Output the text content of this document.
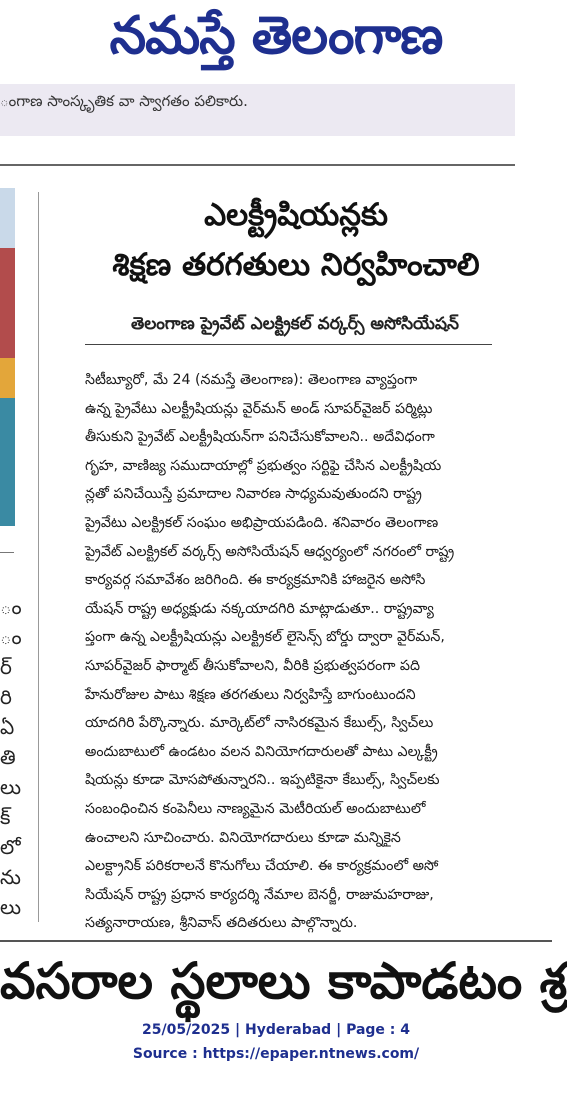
నమస్తే తెలంగాణ
ంగాణ సాంస్కృతిక వా స్వాగతం పలికారు.
ం
ం
ర్
రి
ఏ
తి
లు
క్
లో
ను
లు
ఎలక్ట్రీషియన్లకు
శిక్షణ తరగతులు నిర్వహించాలి
తెలంగాణ ప్రైవేట్ ఎలక్ట్రికల్ వర్కర్స్ అసోసియేషన్
సిటీబ్యూరో, మే 24 (నమస్తే తెలంగాణ): తెలంగాణ వ్యాప్తంగా
ఉన్న ప్రైవేటు ఎలక్ట్రీషియన్లు వైర్‌మన్ అండ్ సూపర్‌వైజర్ పర్మిట్లు
తీసుకుని ప్రైవేట్ ఎలక్ట్రీషియన్‌గా పనిచేసుకోవాలని.. అదేవిధంగా
గృహ, వాణిజ్య సముదాయాల్లో ప్రభుత్వం సర్టిఫై చేసిన ఎలక్ట్రీషియ
న్లతో పనిచేయిస్తే ప్రమాదాల నివారణ సాధ్యమవుతుందని రాష్ట్ర
ప్రైవేటు ఎలక్ట్రికల్ సంఘం అభిప్రాయపడింది. శనివారం తెలంగాణ
ప్రైవేట్ ఎలక్ట్రికల్ వర్కర్స్ అసోసియేషన్ ఆధ్వర్యంలో నగరంలో రాష్ట్ర
కార్యవర్గ సమావేశం జరిగింది. ఈ కార్యక్రమానికి హాజరైన అసోసి
యేషన్ రాష్ట్ర అధ్యక్షుడు నక్కయాదగిరి మాట్లాడుతూ.. రాష్ట్రవ్యా
ప్తంగా ఉన్న ఎలక్ట్రీషియన్లు ఎలక్ట్రికల్ లైసెన్స్ బోర్డు ద్వారా వైర్‌మన్,
సూపర్‌వైజర్ ఫార్మాట్ తీసుకోవాలని, వీరికి ప్రభుత్వపరంగా పది
హేనురోజుల పాటు శిక్షణ తరగతులు నిర్వహిస్తే బాగుంటుందని
యాదగిరి పేర్కొన్నారు. మార్కెట్‌లో నాసిరకమైన కేబుల్స్, స్విచ్‌లు
అందుబాటులో ఉండటం వలన వినియోగదారులతో పాటు ఎల్కక్ట్రీ
షియన్లు కూడా మోసపోతున్నారని.. ఇప్పటికైనా కేబుల్స్, స్విచ్‌లకు
సంబంధించిన కంపెనీలు నాణ్యమైన మెటీరియల్ అందుబాటులో
ఉంచాలని సూచించారు. వినియోగదారులు కూడా మన్నికైన
ఎలక్ట్రానిక్ పరికరాలనే కొనుగోలు చేయాలి. ఈ కార్యక్రమంలో అసో
సియేషన్ రాష్ట్ర ప్రధాన కార్యదర్శి నేమాల బెనర్జీ, రాజుమహరాజు,
సత్యనారాయణ, శ్రీనివాస్ తదితరులు పాల్గొన్నారు.
వసరాల స్థలాలు కాపాడటం శ్ర
25/05/2025 | Hyderabad | Page : 4
Source : https://epaper.ntnews.com/
